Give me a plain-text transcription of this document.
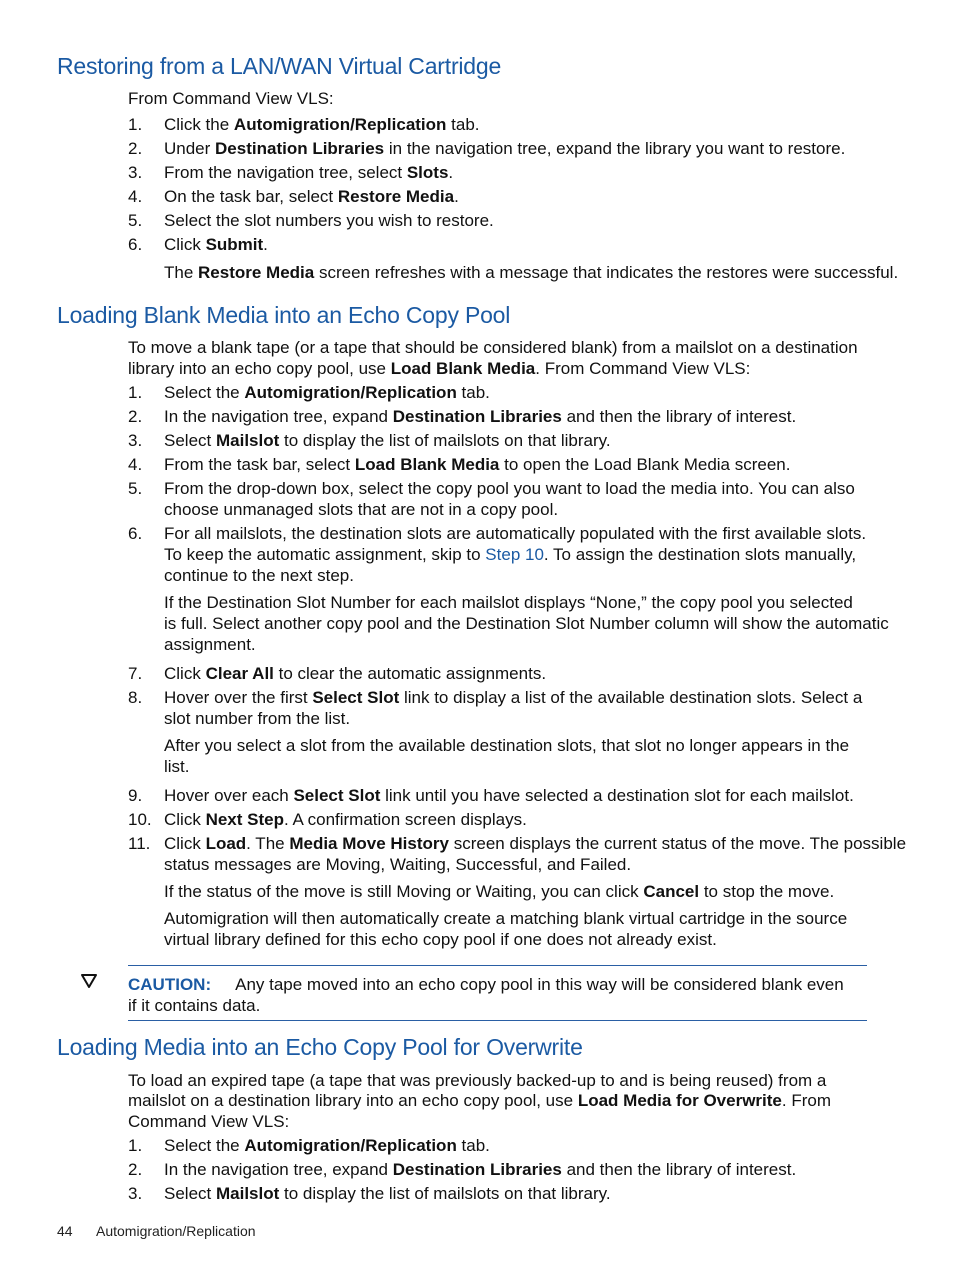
Restoring from a LAN/WAN Virtual Cartridge
From Command View VLS:
1.	Click the Automigration/Replication tab.
2.	Under Destination Libraries in the navigation tree, expand the library you want to restore.
3.	From the navigation tree, select Slots.
4.	On the task bar, select Restore Media.
5.	Select the slot numbers you wish to restore.
6.	Click Submit.
The Restore Media screen refreshes with a message that indicates the restores were successful.
Loading Blank Media into an Echo Copy Pool
To move a blank tape (or a tape that should be considered blank) from a mailslot on a destination
library into an echo copy pool, use Load Blank Media. From Command View VLS:
1.	Select the Automigration/Replication tab.
2.	In the navigation tree, expand Destination Libraries and then the library of interest.
3.	Select Mailslot to display the list of mailslots on that library.
4.	From the task bar, select Load Blank Media to open the Load Blank Media screen.
5.	From the drop-down box, select the copy pool you want to load the media into. You can also
choose unmanaged slots that are not in a copy pool.
6.	For all mailslots, the destination slots are automatically populated with the first available slots.
To keep the automatic assignment, skip to Step 10. To assign the destination slots manually,
continue to the next step.
If the Destination Slot Number for each mailslot displays “None,” the copy pool you selected
is full. Select another copy pool and the Destination Slot Number column will show the automatic
assignment.
7.	Click Clear All to clear the automatic assignments.
8.	Hover over the first Select Slot link to display a list of the available destination slots. Select a
slot number from the list.
After you select a slot from the available destination slots, that slot no longer appears in the
list.
9.	Hover over each Select Slot link until you have selected a destination slot for each mailslot.
10. Click Next Step. A confirmation screen displays.
11. Click Load. The Media Move History screen displays the current status of the move. The possible
status messages are Moving, Waiting, Successful, and Failed.
If the status of the move is still Moving or Waiting, you can click Cancel to stop the move.
Automigration will then automatically create a matching blank virtual cartridge in the source
virtual library defined for this echo copy pool if one does not already exist.
CAUTION: Any tape moved into an echo copy pool in this way will be considered blank even
if it contains data.
Loading Media into an Echo Copy Pool for Overwrite
To load an expired tape (a tape that was previously backed-up to and is being reused) from a
mailslot on a destination library into an echo copy pool, use Load Media for Overwrite. From
Command View VLS:
1.	Select the Automigration/Replication tab.
2.	In the navigation tree, expand Destination Libraries and then the library of interest.
3.	Select Mailslot to display the list of mailslots on that library.
44 Automigration/Replication
